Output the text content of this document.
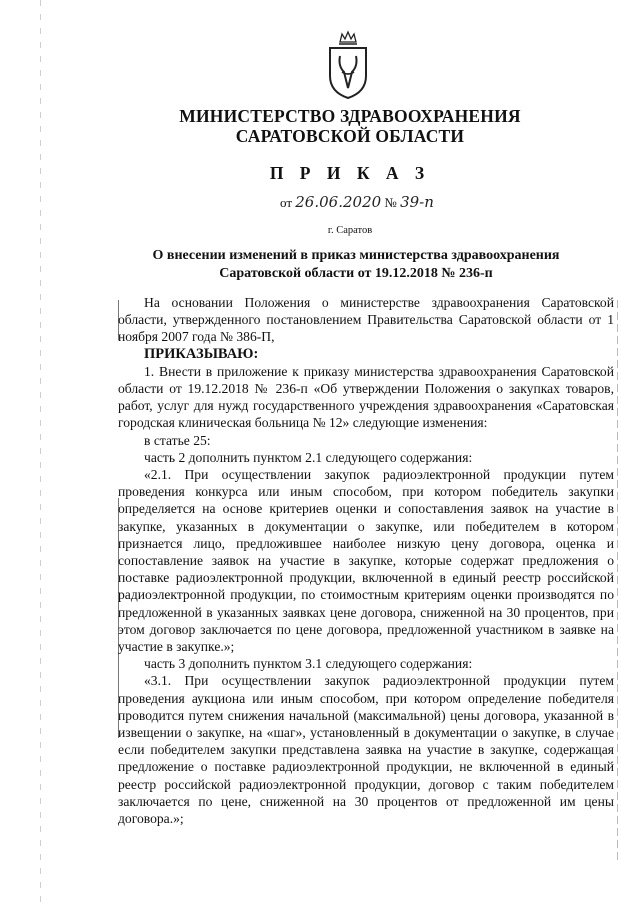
МИНИСТЕРСТВО ЗДРАВООХРАНЕНИЯ
САРАТОВСКОЙ ОБЛАСТИ
П Р И К А З
от 26.06.2020 № 39-п
г. Саратов
О внесении изменений в приказ министерства здравоохранения
Саратовской области от 19.12.2018 № 236-п

На основании Положения о министерстве здравоохранения Саратовской области, утвержденного постановлением Правительства Саратовской области от 1 ноября 2007 года № 386-П,

ПРИКАЗЫВАЮ:

1. Внести в приложение к приказу министерства здравоохранения Саратовской области от 19.12.2018 № 236-п «Об утверждении Положения о закупках товаров, работ, услуг для нужд государственного учреждения здравоохранения «Саратовская городская клиническая больница № 12» следующие изменения:

в статье 25:

часть 2 дополнить пунктом 2.1 следующего содержания:

«2.1. При осуществлении закупок радиоэлектронной продукции путем проведения конкурса или иным способом, при котором победитель закупки определяется на основе критериев оценки и сопоставления заявок на участие в закупке, указанных в документации о закупке, или победителем в котором признается лицо, предложившее наиболее низкую цену договора, оценка и сопоставление заявок на участие в закупке, которые содержат предложения о поставке радиоэлектронной продукции, включенной в единый реестр российской радиоэлектронной продукции, по стоимостным критериям оценки производятся по предложенной в указанных заявках цене договора, сниженной на 30 процентов, при этом договор заключается по цене договора, предложенной участником в заявке на участие в закупке.»;

часть 3 дополнить пунктом 3.1 следующего содержания:

«3.1. При осуществлении закупок радиоэлектронной продукции путем проведения аукциона или иным способом, при котором определение победителя проводится путем снижения начальной (максимальной) цены договора, указанной в извещении о закупке, на «шаг», установленный в документации о закупке, в случае если победителем закупки представлена заявка на участие в закупке, содержащая предложение о поставке радиоэлектронной продукции, не включенной в единый реестр российской радиоэлектронной продукции, договор с таким победителем заключается по цене, сниженной на 30 процентов от предложенной им цены договора.»;
